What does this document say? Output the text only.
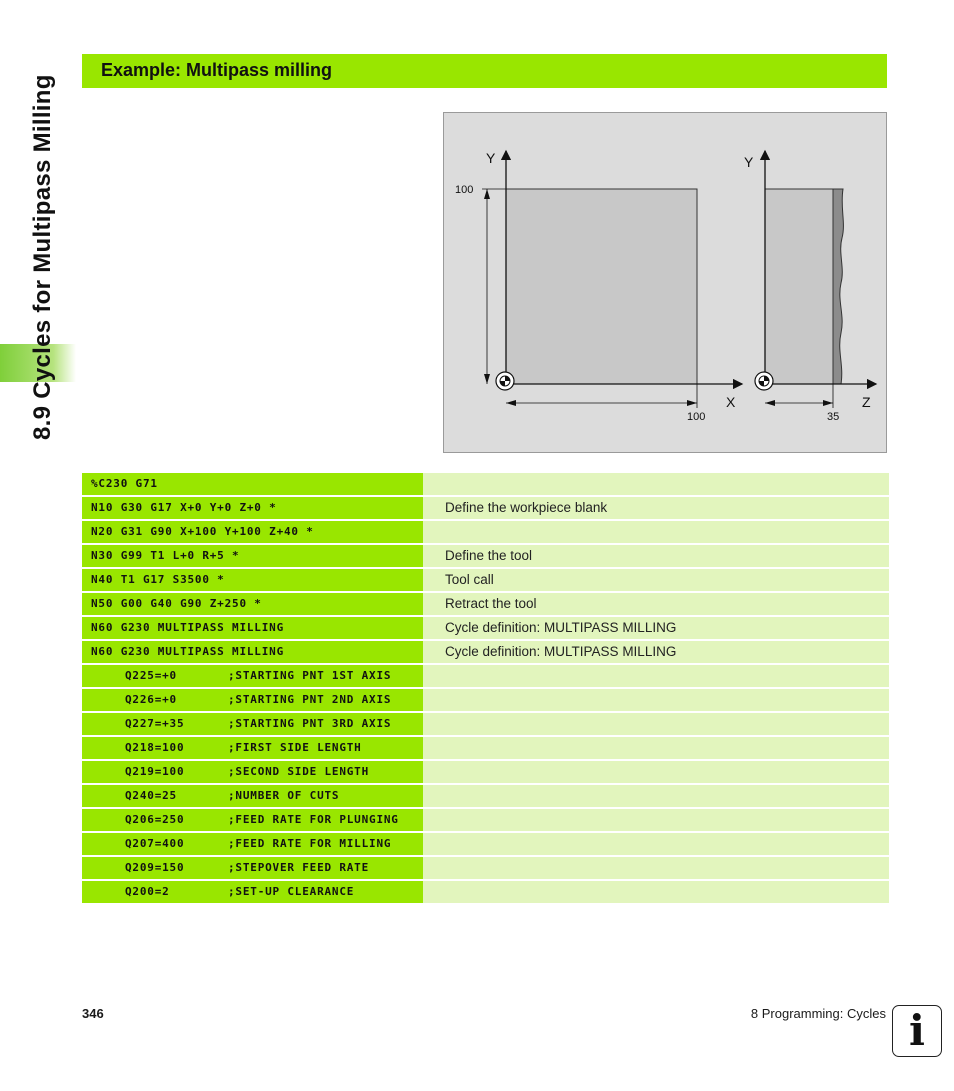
8.9 Cycles for Multipass Milling
Example: Multipass milling
Y
X
100
100
Y
Z
35
%C230 G71
N10 G30 G17 X+0 Y+0 Z+0 *	Define the workpiece blank
N20 G31 G90 X+100 Y+100 Z+40 *
N30 G99 T1 L+0 R+5 *	Define the tool
N40 T1 G17 S3500 *	Tool call
N50 G00 G40 G90 Z+250 *	Retract the tool
N60 G230 MULTIPASS MILLING	Cycle definition: MULTIPASS MILLING
N60 G230 MULTIPASS MILLING	Cycle definition: MULTIPASS MILLING
Q225=+0	;STARTING PNT 1ST AXIS
Q226=+0	;STARTING PNT 2ND AXIS
Q227=+35	;STARTING PNT 3RD AXIS
Q218=100	;FIRST SIDE LENGTH
Q219=100	;SECOND SIDE LENGTH
Q240=25	;NUMBER OF CUTS
Q206=250	;FEED RATE FOR PLUNGING
Q207=400	;FEED RATE FOR MILLING
Q209=150	;STEPOVER FEED RATE
Q200=2	;SET-UP CLEARANCE
346	8 Programming: Cycles i
